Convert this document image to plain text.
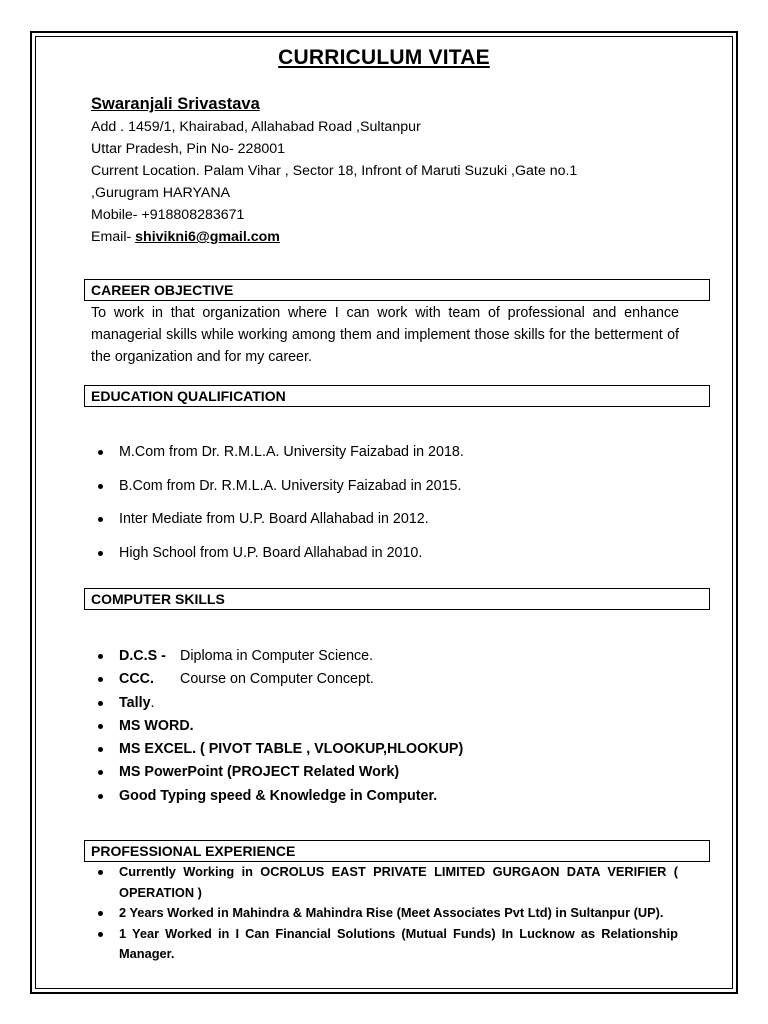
CURRICULUM VITAE
Swaranjali Srivastava
Add . 1459/1, Khairabad, Allahabad Road ,Sultanpur
Uttar Pradesh, Pin No- 228001
Current Location. Palam Vihar , Sector 18, Infront of Maruti Suzuki ,Gate no.1
,Gurugram HARYANA
Mobile- +918808283671
Email- shivikni6@gmail.com
CAREER OBJECTIVE
To work in that organization where I can work with team of professional and enhance managerial skills while working among them and implement those skills for the betterment of the organization and for my career.
EDUCATION QUALIFICATION
M.Com from Dr. R.M.L.A. University Faizabad in 2018.
B.Com from Dr. R.M.L.A. University Faizabad in 2015.
Inter Mediate from U.P. Board Allahabad in 2012.
High School from U.P. Board Allahabad in 2010.
COMPUTER SKILLS
D.C.S - Diploma in Computer Science.
CCC. Course on Computer Concept.
Tally.
MS WORD.
MS EXCEL. ( PIVOT TABLE , VLOOKUP,HLOOKUP)
MS PowerPoint (PROJECT Related Work)
Good Typing speed & Knowledge in Computer.
PROFESSIONAL EXPERIENCE
Currently Working in OCROLUS EAST PRIVATE LIMITED GURGAON DATA VERIFIER ( OPERATION )
2 Years Worked in Mahindra & Mahindra Rise (Meet Associates Pvt Ltd) in Sultanpur (UP).
1 Year Worked in I Can Financial Solutions (Mutual Funds) In Lucknow as Relationship Manager.
